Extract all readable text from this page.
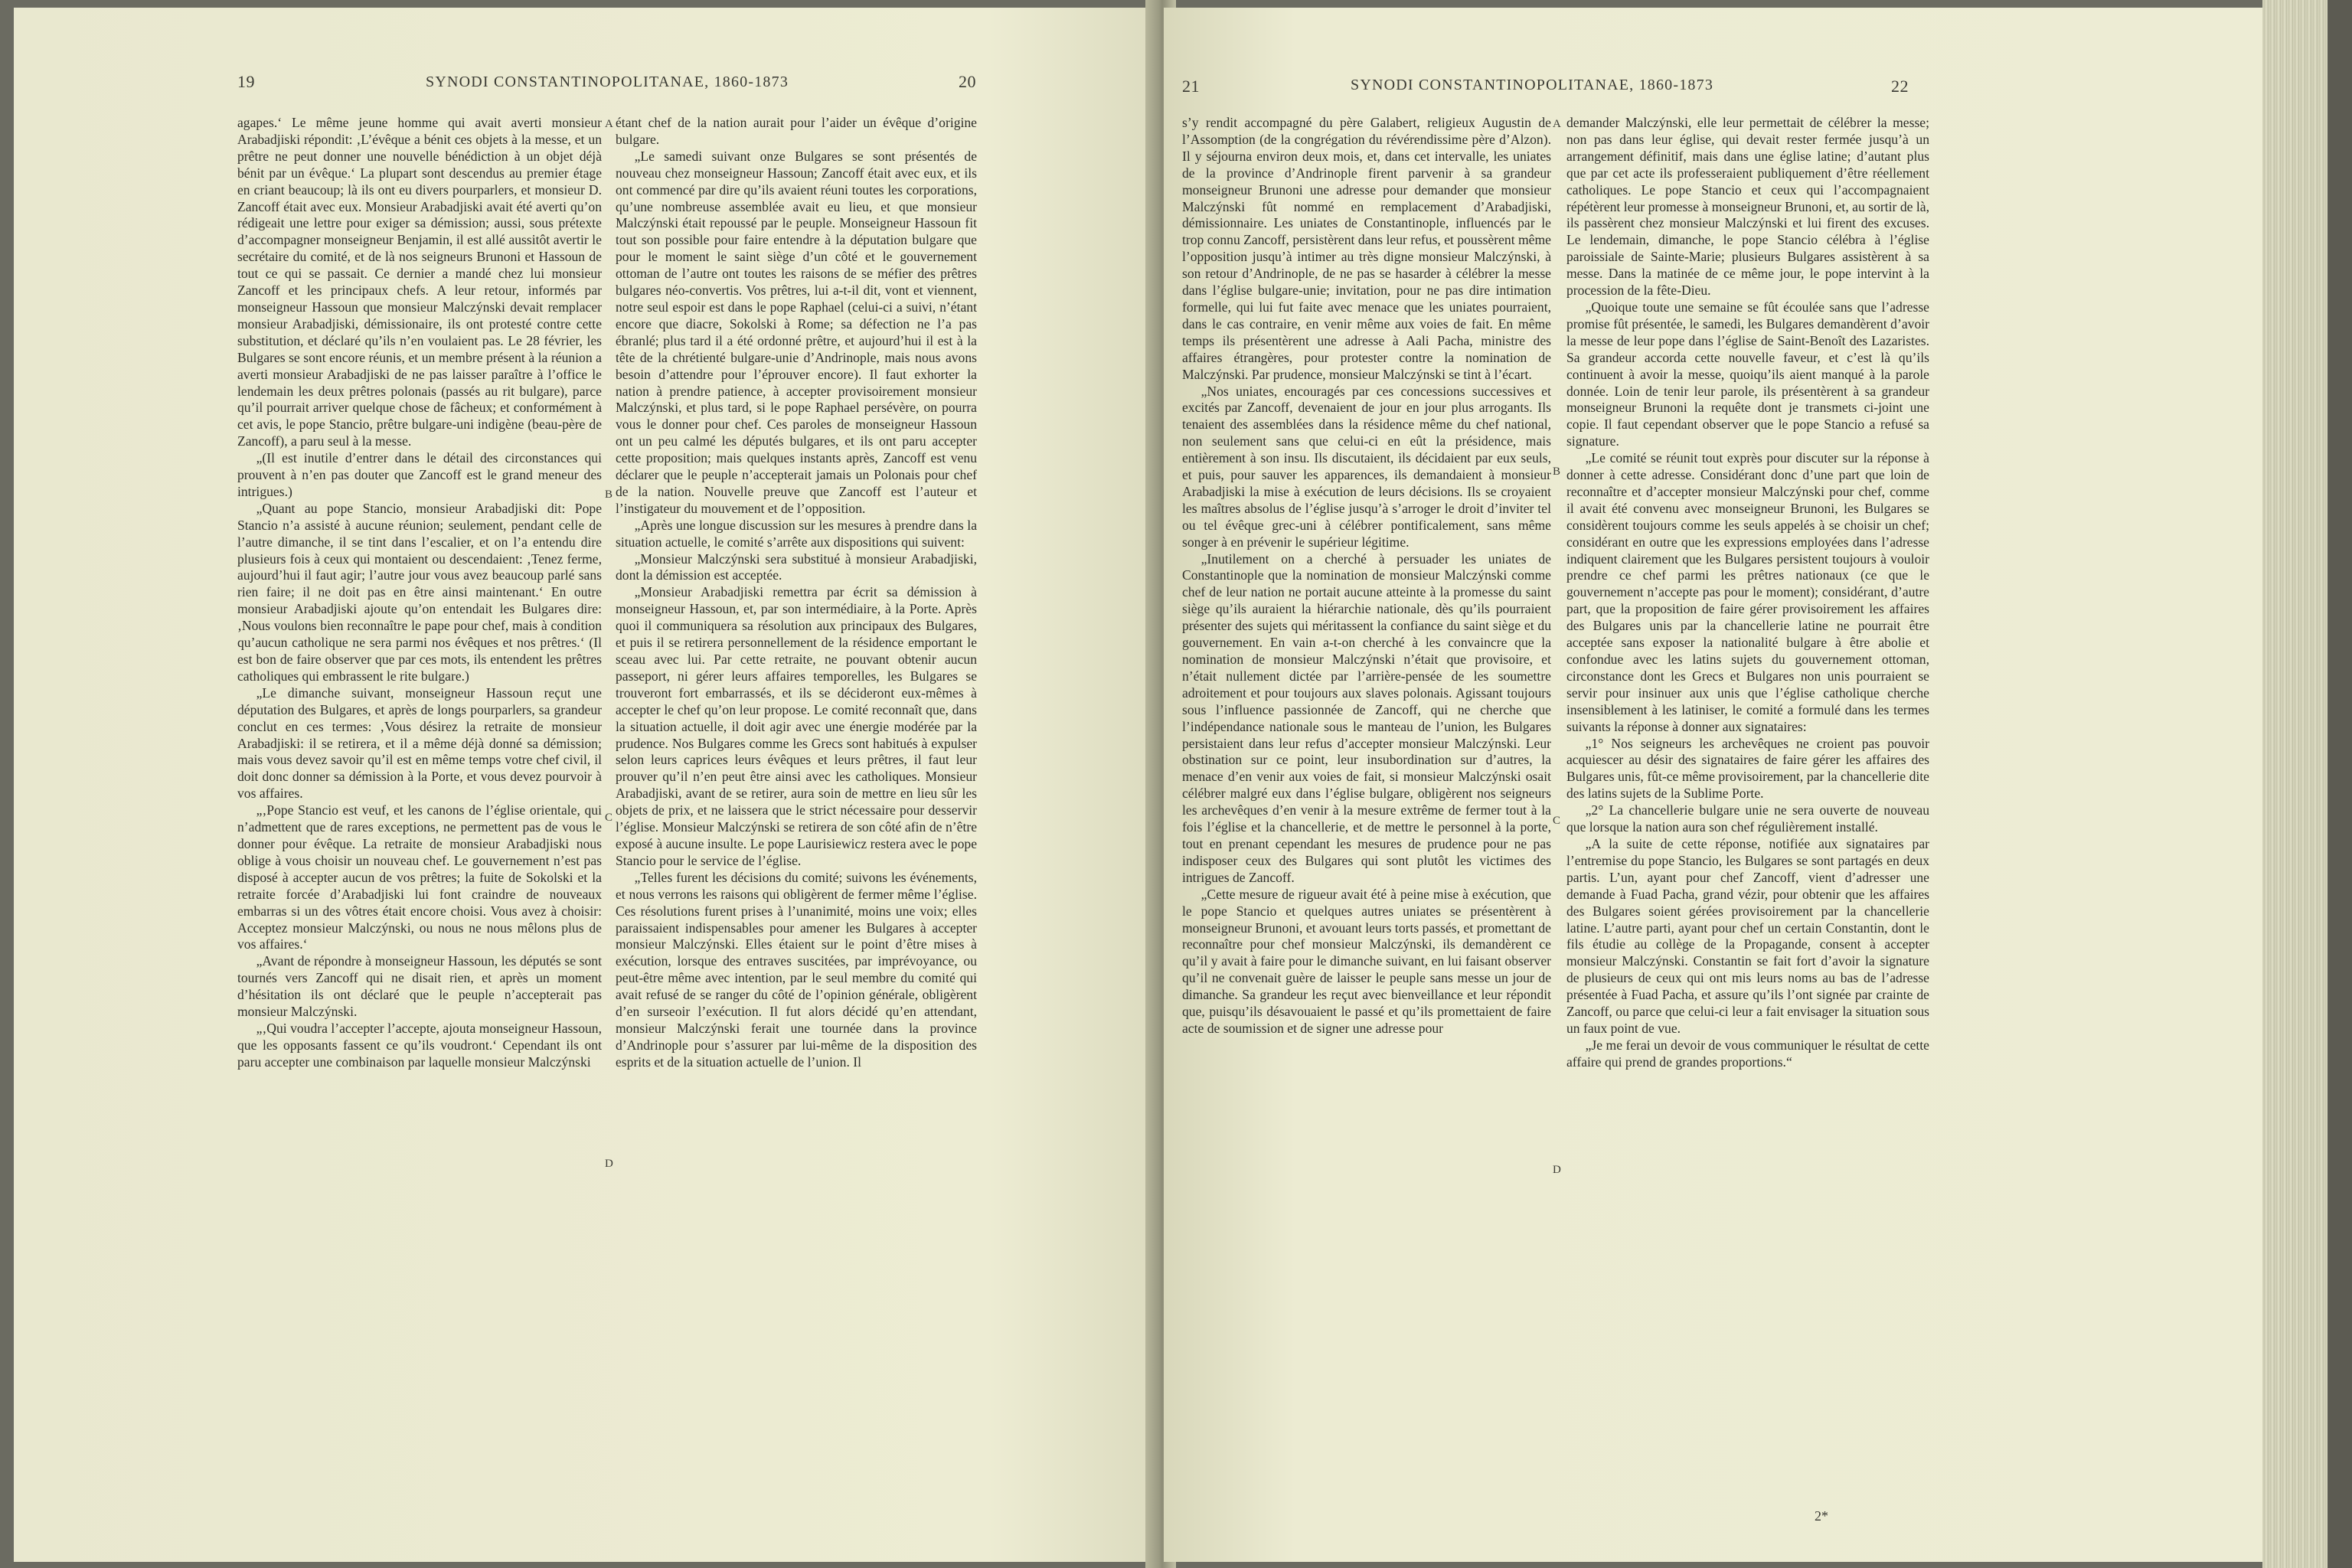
19	SYNODI CONSTANTINOPOLITANAE, 1860-1873	20

agapes.‘ Le même jeune homme qui avait averti monsieur Arabadjiski répondit: ‚L’évêque a bénit ces objets à la messe, et un prêtre ne peut donner une nouvelle bénédiction à un objet déjà bénit par un évêque.‘ La plupart sont descendus au premier étage en criant beaucoup; là ils ont eu divers pourparlers, et monsieur D. Zancoff était avec eux. Monsieur Arabadjiski avait été averti qu’on rédigeait une lettre pour exiger sa démission; aussi, sous prétexte d’accompagner monseigneur Benjamin, il est allé aussitôt avertir le secrétaire du comité, et de là nos seigneurs Brunoni et Hassoun de tout ce qui se passait. Ce dernier a mandé chez lui monsieur Zancoff et les principaux chefs. A leur retour, informés par monseigneur Hassoun que monsieur Malczýnski devait remplacer monsieur Arabadjiski, démissionaire, ils ont protesté contre cette substitution, et déclaré qu’ils n’en voulaient pas. Le 28 février, les Bulgares se sont encore réunis, et un membre présent à la réunion a averti monsieur Arabadjiski de ne pas laisser paraître à l’office le lendemain les deux prêtres polonais (passés au rit bulgare), parce qu’il pourrait arriver quelque chose de fâcheux; et conformément à cet avis, le pope Stancio, prêtre bulgare-uni indigène (beau-père de Zancoff), a paru seul à la messe.

„(Il est inutile d’entrer dans le détail des circonstances qui prouvent à n’en pas douter que Zancoff est le grand meneur des intrigues.)

„Quant au pope Stancio, monsieur Arabadjiski dit: Pope Stancio n’a assisté à aucune réunion; seulement, pendant celle de l’autre dimanche, il se tint dans l’escalier, et on l’a entendu dire plusieurs fois à ceux qui montaient ou descendaient: ‚Tenez ferme, aujourd’hui il faut agir; l’autre jour vous avez beaucoup parlé sans rien faire; il ne doit pas en être ainsi maintenant.‘ En outre monsieur Arabadjiski ajoute qu’on entendait les Bulgares dire: ‚Nous voulons bien reconnaître le pape pour chef, mais à condition qu’aucun catholique ne sera parmi nos évêques et nos prêtres.‘ (Il est bon de faire observer que par ces mots, ils entendent les prêtres catholiques qui embrassent le rite bulgare.)

„Le dimanche suivant, monseigneur Hassoun reçut une députation des Bulgares, et après de longs pourparlers, sa grandeur conclut en ces termes: ‚Vous désirez la retraite de monsieur Arabadjiski: il se retirera, et il a même déjà donné sa démission; mais vous devez savoir qu’il est en même temps votre chef civil, il doit donc donner sa démission à la Porte, et vous devez pourvoir à vos affaires.

„‚Pope Stancio est veuf, et les canons de l’église orientale, qui n’admettent que de rares exceptions, ne permettent pas de vous le donner pour évêque. La retraite de monsieur Arabadjiski nous oblige à vous choisir un nouveau chef. Le gouvernement n’est pas disposé à accepter aucun de vos prêtres; la fuite de Sokolski et la retraite forcée d’Arabadjiski lui font craindre de nouveaux embarras si un des vôtres était encore choisi. Vous avez à choisir: Acceptez monsieur Malczýnski, ou nous ne nous mêlons plus de vos affaires.‘

„Avant de répondre à monseigneur Hassoun, les députés se sont tournés vers Zancoff qui ne disait rien, et après un moment d’hésitation ils ont déclaré que le peuple n’accepterait pas monsieur Malczýnski.

„‚Qui voudra l’accepter l’accepte, ajouta monseigneur Hassoun, que les opposants fassent ce qu’ils voudront.‘ Cependant ils ont paru accepter une combinaison par laquelle monsieur Malczýnski

étant chef de la nation aurait pour l’aider un évêque d’origine bulgare.

„Le samedi suivant onze Bulgares se sont présentés de nouveau chez monseigneur Hassoun; Zancoff était avec eux, et ils ont commencé par dire qu’ils avaient réuni toutes les corporations, qu’une nombreuse assemblée avait eu lieu, et que monsieur Malczýnski était repoussé par le peuple. Monseigneur Hassoun fit tout son possible pour faire entendre à la députation bulgare que pour le moment le saint siège d’un côté et le gouvernement ottoman de l’autre ont toutes les raisons de se méfier des prêtres bulgares néo-convertis. Vos prêtres, lui a-t-il dit, vont et viennent, notre seul espoir est dans le pope Raphael (celui-ci a suivi, n’étant encore que diacre, Sokolski à Rome; sa défection ne l’a pas ébranlé; plus tard il a été ordonné prêtre, et aujourd’hui il est à la tête de la chrétienté bulgare-unie d’Andrinople, mais nous avons besoin d’attendre pour l’éprouver encore). Il faut exhorter la nation à prendre patience, à accepter provisoirement monsieur Malczýnski, et plus tard, si le pope Raphael persévère, on pourra vous le donner pour chef. Ces paroles de monseigneur Hassoun ont un peu calmé les députés bulgares, et ils ont paru accepter cette proposition; mais quelques instants après, Zancoff est venu déclarer que le peuple n’accepterait jamais un Polonais pour chef de la nation. Nouvelle preuve que Zancoff est l’auteur et l’instigateur du mouvement et de l’opposition.

„Après une longue discussion sur les mesures à prendre dans la situation actuelle, le comité s’arrête aux dispositions qui suivent:

„Monsieur Malczýnski sera substitué à monsieur Arabadjiski, dont la démission est acceptée.

„Monsieur Arabadjiski remettra par écrit sa démission à monseigneur Hassoun, et, par son intermédiaire, à la Porte. Après quoi il communiquera sa résolution aux principaux des Bulgares, et puis il se retirera personnellement de la résidence emportant le sceau avec lui. Par cette retraite, ne pouvant obtenir aucun passeport, ni gérer leurs affaires temporelles, les Bulgares se trouveront fort embarrassés, et ils se décideront eux-mêmes à accepter le chef qu’on leur propose. Le comité reconnaît que, dans la situation actuelle, il doit agir avec une énergie modérée par la prudence. Nos Bulgares comme les Grecs sont habitués à expulser selon leurs caprices leurs évêques et leurs prêtres, il faut leur prouver qu’il n’en peut être ainsi avec les catholiques. Monsieur Arabadjiski, avant de se retirer, aura soin de mettre en lieu sûr les objets de prix, et ne laissera que le strict nécessaire pour desservir l’église. Monsieur Malczýnski se retirera de son côté afin de n’être exposé à aucune insulte. Le pope Laurisiewicz restera avec le pope Stancio pour le service de l’église.

„Telles furent les décisions du comité; suivons les événements, et nous verrons les raisons qui obligèrent de fermer même l’église. Ces résolutions furent prises à l’unanimité, moins une voix; elles paraissaient indispensables pour amener les Bulgares à accepter monsieur Malczýnski. Elles étaient sur le point d’être mises à exécution, lorsque des entraves suscitées, par imprévoyance, ou peut-être même avec intention, par le seul membre du comité qui avait refusé de se ranger du côté de l’opinion générale, obligèrent d’en surseoir l’exécution. Il fut alors décidé qu’en attendant, monsieur Malczýnski ferait une tournée dans la province d’Andrinople pour s’assurer par lui-même de la disposition des esprits et de la situation actuelle de l’union. Il

A
B
C
D
21	SYNODI CONSTANTINOPOLITANAE, 1860-1873	22

s’y rendit accompagné du père Galabert, religieux Augustin de l’Assomption (de la congrégation du révérendissime père d’Alzon). Il y séjourna environ deux mois, et, dans cet intervalle, les uniates de la province d’Andrinople firent parvenir à sa grandeur monseigneur Brunoni une adresse pour demander que monsieur Malczýnski fût nommé en remplacement d’Arabadjiski, démissionnaire. Les uniates de Constantinople, influencés par le trop connu Zancoff, persistèrent dans leur refus, et poussèrent même l’opposition jusqu’à intimer au très digne monsieur Malczýnski, à son retour d’Andrinople, de ne pas se hasarder à célébrer la messe dans l’église bulgare-unie; invitation, pour ne pas dire intimation formelle, qui lui fut faite avec menace que les uniates pourraient, dans le cas contraire, en venir même aux voies de fait. En même temps ils présentèrent une adresse à Aali Pacha, ministre des affaires étrangères, pour protester contre la nomination de Malczýnski. Par prudence, monsieur Malczýnski se tint à l’écart.

„Nos uniates, encouragés par ces concessions successives et excités par Zancoff, devenaient de jour en jour plus arrogants. Ils tenaient des assemblées dans la résidence même du chef national, non seulement sans que celui-ci en eût la présidence, mais entièrement à son insu. Ils discutaient, ils décidaient par eux seuls, et puis, pour sauver les apparences, ils demandaient à monsieur Arabadjiski la mise à exécution de leurs décisions. Ils se croyaient les maîtres absolus de l’église jusqu’à s’arroger le droit d’inviter tel ou tel évêque grec-uni à célébrer pontificalement, sans même songer à en prévenir le supérieur légitime.

„Inutilement on a cherché à persuader les uniates de Constantinople que la nomination de monsieur Malczýnski comme chef de leur nation ne portait aucune atteinte à la promesse du saint siège qu’ils auraient la hiérarchie nationale, dès qu’ils pourraient présenter des sujets qui méritassent la confiance du saint siège et du gouvernement. En vain a-t-on cherché à les convaincre que la nomination de monsieur Malczýnski n’était que provisoire, et n’était nullement dictée par l’arrière-pensée de les soumettre adroitement et pour toujours aux slaves polonais. Agissant toujours sous l’influence passionnée de Zancoff, qui ne cherche que l’indépendance nationale sous le manteau de l’union, les Bulgares persistaient dans leur refus d’accepter monsieur Malczýnski. Leur obstination sur ce point, leur insubordination sur d’autres, la menace d’en venir aux voies de fait, si monsieur Malczýnski osait célébrer malgré eux dans l’église bulgare, obligèrent nos seigneurs les archevêques d’en venir à la mesure extrême de fermer tout à la fois l’église et la chancellerie, et de mettre le personnel à la porte, tout en prenant cependant les mesures de prudence pour ne pas indisposer ceux des Bulgares qui sont plutôt les victimes des intrigues de Zancoff.

„Cette mesure de rigueur avait été à peine mise à exécution, que le pope Stancio et quelques autres uniates se présentèrent à monseigneur Brunoni, et avouant leurs torts passés, et promettant de reconnaître pour chef monsieur Malczýnski, ils demandèrent ce qu’il y avait à faire pour le dimanche suivant, en lui faisant observer qu’il ne convenait guère de laisser le peuple sans messe un jour de dimanche. Sa grandeur les reçut avec bienveillance et leur répondit que, puisqu’ils désavouaient le passé et qu’ils promettaient de faire acte de soumission et de signer une adresse pour

demander Malczýnski, elle leur permettait de célébrer la messe; non pas dans leur église, qui devait rester fermée jusqu’à un arrangement définitif, mais dans une église latine; d’autant plus que par cet acte ils professeraient publiquement d’être réellement catholiques. Le pope Stancio et ceux qui l’accompagnaient répétèrent leur promesse à monseigneur Brunoni, et, au sortir de là, ils passèrent chez monsieur Malczýnski et lui firent des excuses. Le lendemain, dimanche, le pope Stancio célébra à l’église paroissiale de Sainte-Marie; plusieurs Bulgares assistèrent à sa messe. Dans la matinée de ce même jour, le pope intervint à la procession de la fête-Dieu.

„Quoique toute une semaine se fût écoulée sans que l’adresse promise fût présentée, le samedi, les Bulgares demandèrent d’avoir la messe de leur pope dans l’église de Saint-Benoît des Lazaristes. Sa grandeur accorda cette nouvelle faveur, et c’est là qu’ils continuent à avoir la messe, quoiqu’ils aient manqué à la parole donnée. Loin de tenir leur parole, ils présentèrent à sa grandeur monseigneur Brunoni la requête dont je transmets ci-joint une copie. Il faut cependant observer que le pope Stancio a refusé sa signature.

„Le comité se réunit tout exprès pour discuter sur la réponse à donner à cette adresse. Considérant donc d’une part que loin de reconnaître et d’accepter monsieur Malczýnski pour chef, comme il avait été convenu avec monseigneur Brunoni, les Bulgares se considèrent toujours comme les seuls appelés à se choisir un chef; considérant en outre que les expressions employées dans l’adresse indiquent clairement que les Bulgares persistent toujours à vouloir prendre ce chef parmi les prêtres nationaux (ce que le gouvernement n’accepte pas pour le moment); considérant, d’autre part, que la proposition de faire gérer provisoirement les affaires des Bulgares unis par la chancellerie latine ne pourrait être acceptée sans exposer la nationalité bulgare à être abolie et confondue avec les latins sujets du gouvernement ottoman, circonstance dont les Grecs et Bulgares non unis pourraient se servir pour insinuer aux unis que l’église catholique cherche insensiblement à les latiniser, le comité a formulé dans les termes suivants la réponse à donner aux signataires:

„1° Nos seigneurs les archevêques ne croient pas pouvoir acquiescer au désir des signataires de faire gérer les affaires des Bulgares unis, fût-ce même provisoirement, par la chancellerie dite des latins sujets de la Sublime Porte.

„2° La chancellerie bulgare unie ne sera ouverte de nouveau que lorsque la nation aura son chef régulièrement installé.

„A la suite de cette réponse, notifiée aux signataires par l’entremise du pope Stancio, les Bulgares se sont partagés en deux partis. L’un, ayant pour chef Zancoff, vient d’adresser une demande à Fuad Pacha, grand vézir, pour obtenir que les affaires des Bulgares soient gérées provisoirement par la chancellerie latine. L’autre parti, ayant pour chef un certain Constantin, dont le fils étudie au collège de la Propagande, consent à accepter monsieur Malczýnski. Constantin se fait fort d’avoir la signature de plusieurs de ceux qui ont mis leurs noms au bas de l’adresse présentée à Fuad Pacha, et assure qu’ils l’ont signée par crainte de Zancoff, ou parce que celui-ci leur a fait envisager la situation sous un faux point de vue.

„Je me ferai un devoir de vous communiquer le résultat de cette affaire qui prend de grandes proportions.“

A
B
C
D
2*
